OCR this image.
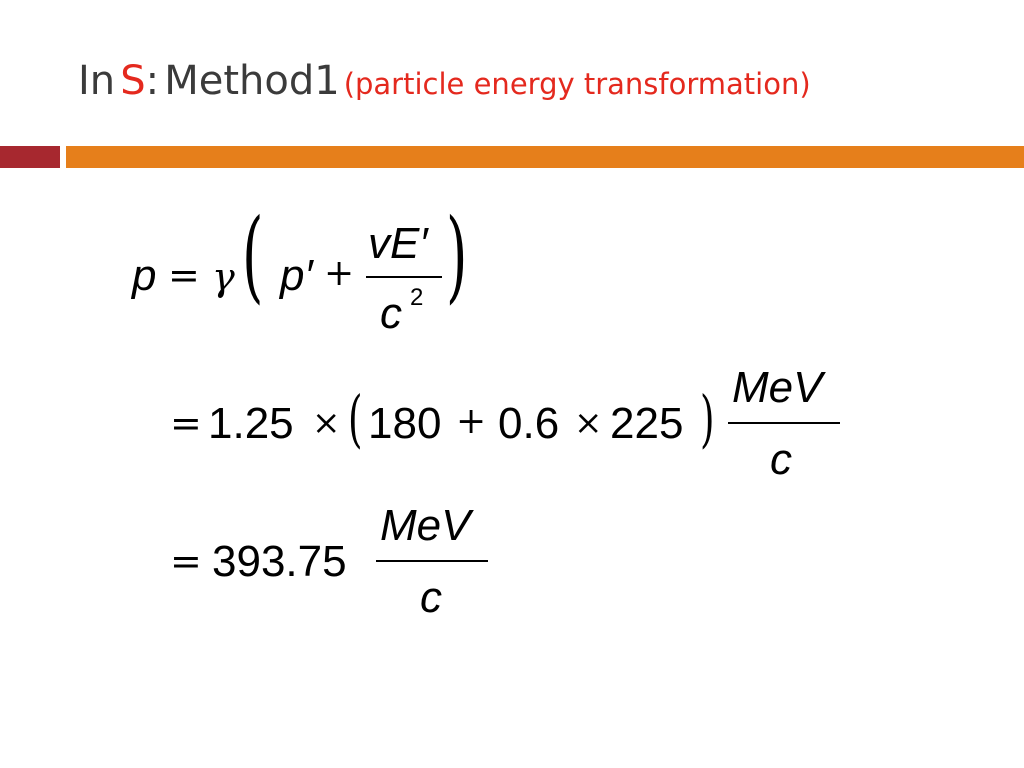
In S: Method1 (particle energy transformation)
p = γ ( p′ +
vE′
c 2 )
= 1.25 × ( 180 + 0.6 × 225 ) MeV
c
= 393.75
MeV
c
